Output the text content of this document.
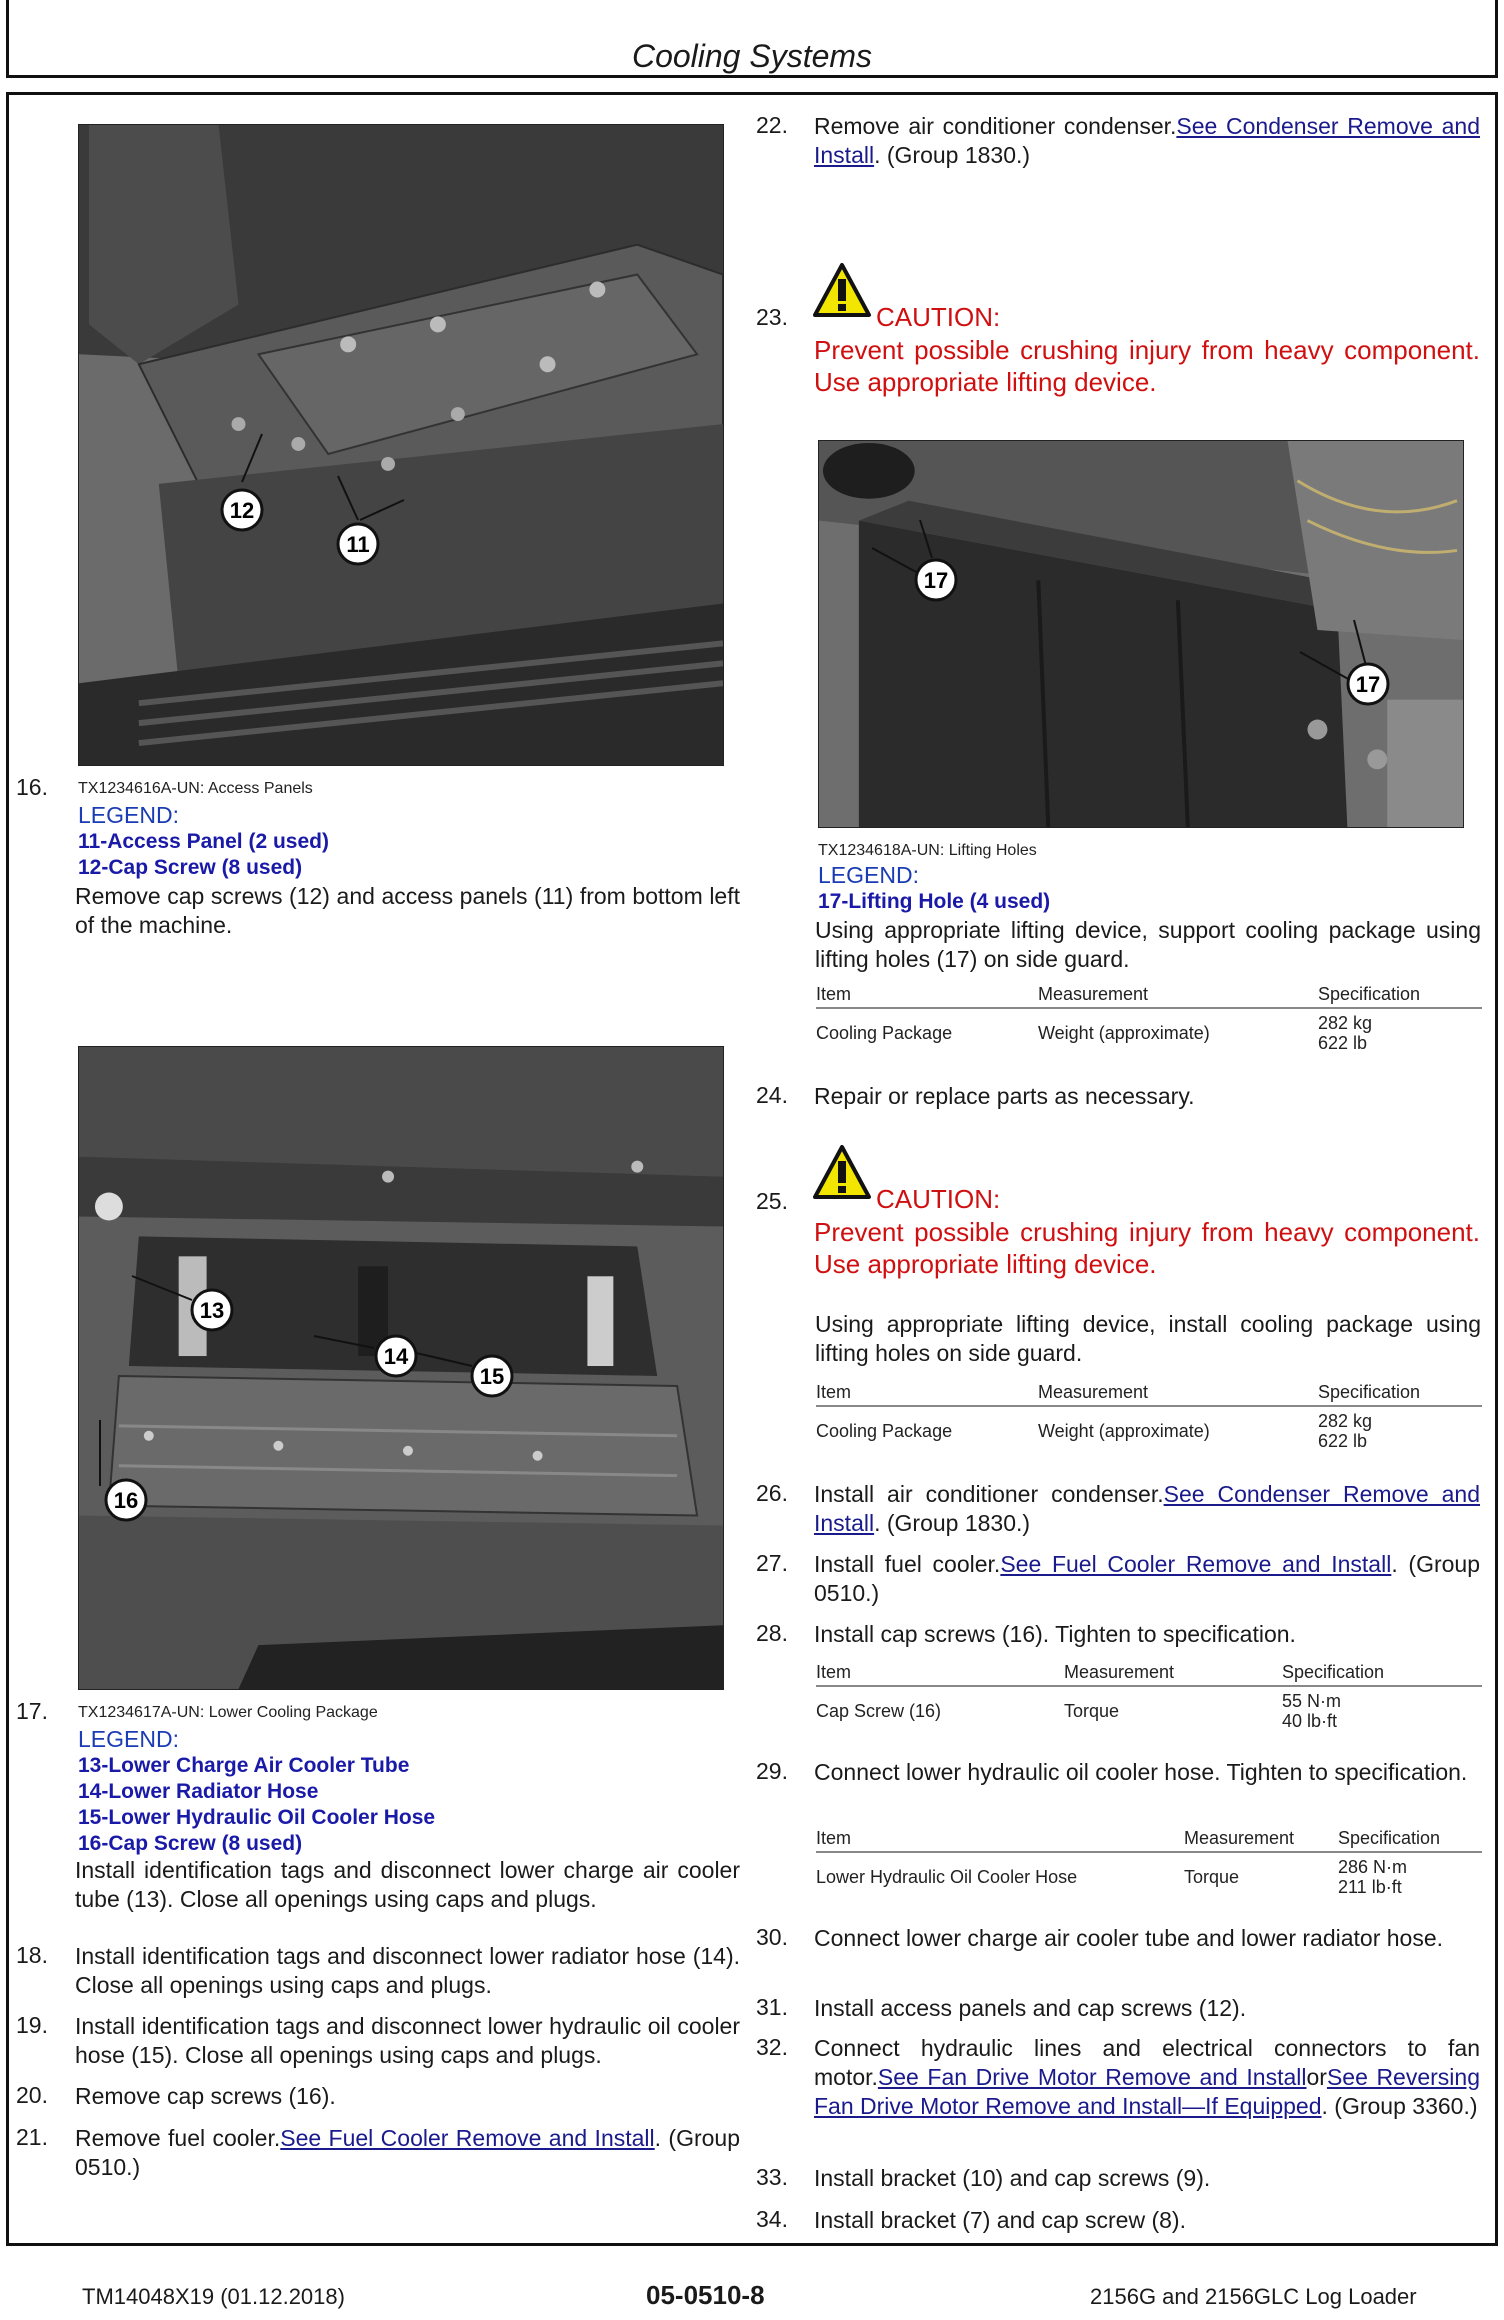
Cooling Systems
12
11
16. TX1234616A-UN: Access Panels
LEGEND:
11-Access Panel (2 used)
12-Cap Screw (8 used)
Remove cap screws (12) and access panels (11) from bottom left of the machine.
13
14
15
16
17. TX1234617A-UN: Lower Cooling Package
LEGEND:
13-Lower Charge Air Cooler Tube
14-Lower Radiator Hose
15-Lower Hydraulic Oil Cooler Hose
16-Cap Screw (8 used)
Install identification tags and disconnect lower charge air cooler tube (13). Close all openings using caps and plugs.
18. Install identification tags and disconnect lower radiator hose (14). Close all openings using caps and plugs.
19. Install identification tags and disconnect lower hydraulic oil cooler hose (15). Close all openings using caps and plugs.
20. Remove cap screws (16).
21. Remove fuel cooler.See Fuel Cooler Remove and Install. (Group 0510.)
22. Remove air conditioner condenser.See Condenser Remove and Install. (Group 1830.)
23.	CAUTION:
Prevent possible crushing injury from heavy component. Use appropriate lifting device.
17
17
TX1234618A-UN: Lifting Holes
LEGEND:
17-Lifting Hole (4 used)
Using appropriate lifting device, support cooling package using lifting holes (17) on side guard.
Item	Measurement	Specification
Cooling Package	Weight (approximate)	282 kg
622 lb
24. Repair or replace parts as necessary.
25.	CAUTION:
Prevent possible crushing injury from heavy component. Use appropriate lifting device.
Using appropriate lifting device, install cooling package using lifting holes on side guard.
Item	Measurement	Specification
Cooling Package	Weight (approximate)	282 kg
622 lb
26. Install air conditioner condenser.See Condenser Remove and Install. (Group 1830.)
27. Install fuel cooler.See Fuel Cooler Remove and Install. (Group 0510.)
28. Install cap screws (16). Tighten to specification.
Item	Measurement	Specification
Cap Screw (16)	Torque	55 N·m
40 lb·ft
29. Connect lower hydraulic oil cooler hose. Tighten to specification.
Item	Measurement	Specification
Lower Hydraulic Oil Cooler Hose	Torque	286 N·m
211 lb·ft
30. Connect lower charge air cooler tube and lower radiator hose.
31. Install access panels and cap screws (12).
32. Connect hydraulic lines and electrical connectors to fan motor.See Fan Drive Motor Remove and InstallorSee Reversing Fan Drive Motor Remove and Install—If Equipped. (Group 3360.)
33. Install bracket (10) and cap screws (9).
34. Install bracket (7) and cap screw (8).
TM14048X19 (01.12.2018)	05-0510-8	2156G and 2156GLC Log Loader
